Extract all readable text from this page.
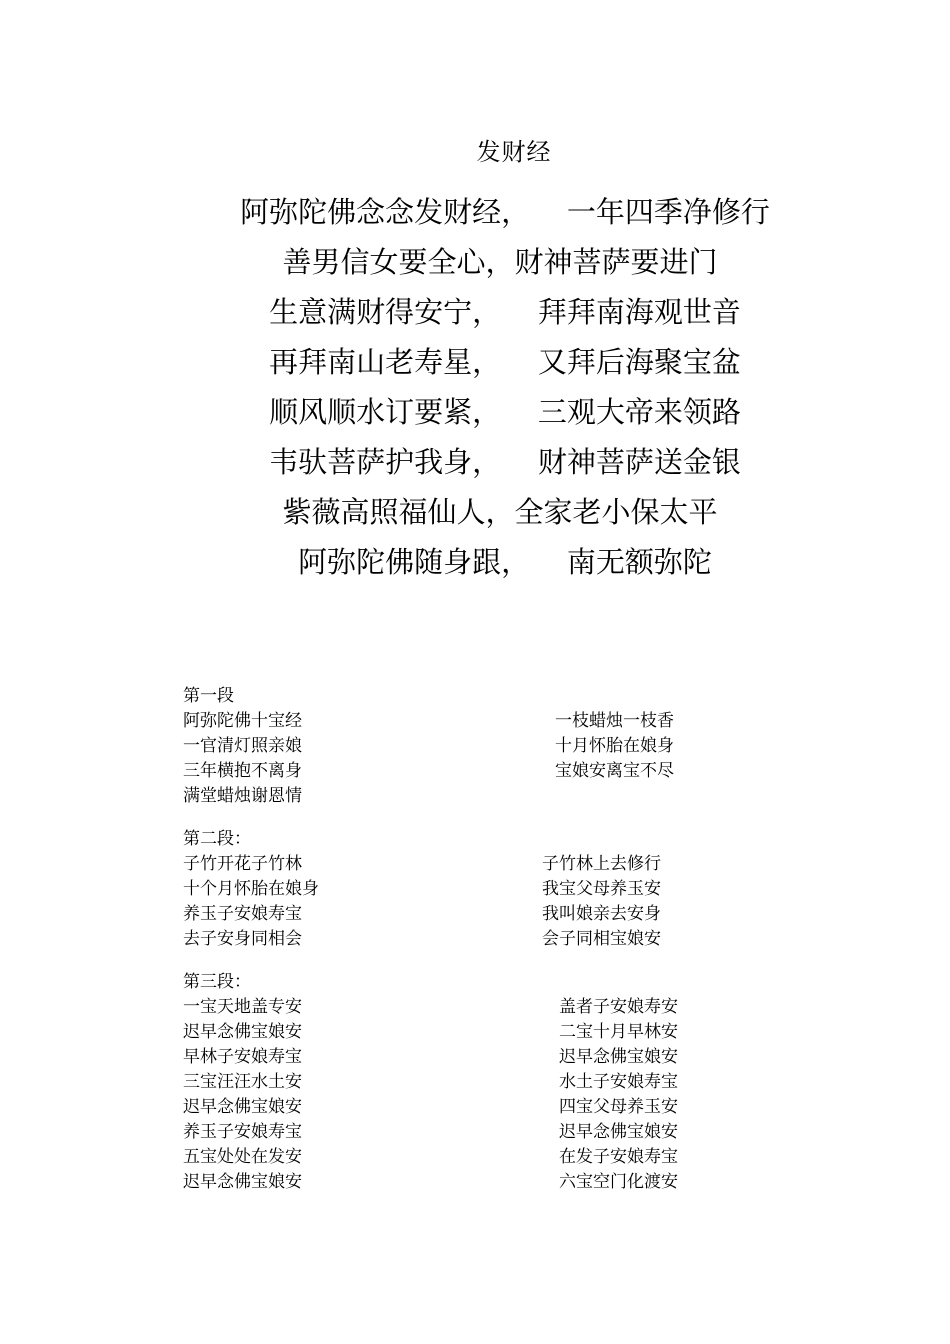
发财经
阿弥陀佛念念发财经，    一年四季净修行
善男信女要全心，财神菩萨要进门
生意满财得安宁，    拜拜南海观世音
再拜南山老寿星，    又拜后海聚宝盆
顺风顺水订要紧，    三观大帝来领路
韦驮菩萨护我身，    财神菩萨送金银
紫薇高照福仙人，全家老小保太平
阿弥陀佛随身跟，    南无额弥陀
第一段
阿弥陀佛十宝经	一枝蜡烛一枝香
一官清灯照亲娘	十月怀胎在娘身
三年横抱不离身	宝娘安离宝不尽
满堂蜡烛谢恩情
第二段：
子竹开花子竹林	子竹林上去修行
十个月怀胎在娘身	我宝父母养玉安
养玉子安娘寿宝	我叫娘亲去安身
去子安身同相会	会子同相宝娘安
第三段：
一宝天地盖专安	盖者子安娘寿安
迟早念佛宝娘安	二宝十月早林安
早林子安娘寿宝	迟早念佛宝娘安
三宝汪汪水土安	水土子安娘寿宝
迟早念佛宝娘安	四宝父母养玉安
养玉子安娘寿宝	迟早念佛宝娘安
五宝处处在发安	在发子安娘寿宝
迟早念佛宝娘安	六宝空门化渡安
